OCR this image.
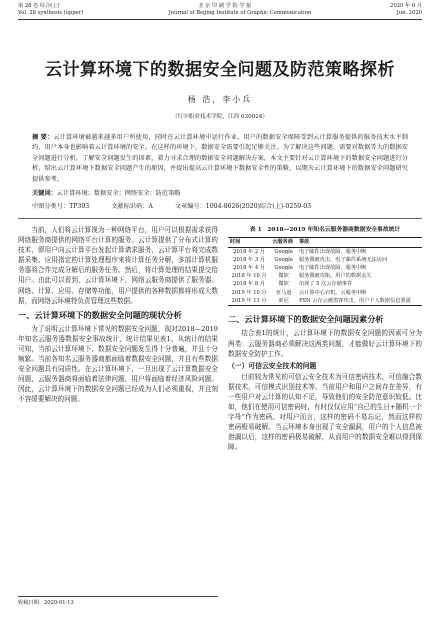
第 28 卷 综合(上)	北 京 印 刷 学 院 学 报	2020 年 6 月
Vol. 28 synthesis (upper)	Journal of Beijing Institute of Graphic Communication	Jun. 2020
云计算环境下的数据安全问题及防范策略探析
杨 浩，李小兵
（红中职业技术学院，江西 630024）
摘 要：云计算环境被越来越多用户所使用，同时在云计算环境中运行作业，用户的数据安全保障受到云计算服务提供的服务技术水平制约，用户本身也影响着云计算环境的安全。在这样的环境下，数据安全需要引起足够关注。为了解决这些问题，需要对数据等大的数据安全问题进行分析，了解安全问题发生的因素，着力寻求合理的数据安全问题解决方案，本文主要针对云计算环境下的数据安全问题进行分析，给出云计算环境下数据安全问题产生的原因，并提出提高云计算环境下数据安全性的策略，以期为云计算环境下的数据安全问题研究提供参考。
关键词：云计算环境；数据安全；网络安全；防范策略
中图分类号：TP393	文献标识码：A	文章编号：1004-8626(2020)综合(上)-0259-03

当前，人们将云计算视为一种网络平台，用户可以根据需求获得网络服务商提供的网络平台计算的服务。云计算提供了分布式计算的技术，即用户向云计算平台发起计算请求服务，云计算平台将完成数据采集、应用指定的计算处理程序来将计算任务分解，多部计算机服务器将合作完成分解后的服务任务。然后，将计算处理的结果提交给用户。由此可以看到，云计算环境下，网络云服务商提供了服务器、网络、计算、应用、存储等功能，用户提供的各种数据都将形成大数据，而网络云环境特负责管理这些数据。

一、云计算环境下的数据安全问题的现状分析

为了说明云计算环境下常见的数据安全问题，现对2018—2019年知名云服务器数据安全事故统计，统计结果见表1。从统计的结果可知，当前云计算环境下，数据安全问题发生得十分普遍，并且十分频繁。当前各知名云服务器商都面临着数据安全问题，并且有些数据安全问题具有同质性。在云计算环境下，一旦出现了云计算数据安全问题，云服务器商将面临着法律问题，用户将面临着经济风险问题。因此，云计算环境下的数据安全问题已经成为人们必须重视，并且刻不容缓要解决的问题。

表 1　2018—2019 年知名云服务器商数据安全事故统计
时间	云服务商	事故
2018 年 2 月	Google	电子邮件出现故障，服务中断
2018 年 3 月	Google	服务器被攻击，电子邮件系统无法访问
2018 年 4 月	Google	电子邮件出现故障，服务中断
2018 年 10 月	微软	服务器被攻陷，用户的数据丢失
2018 年 8 月	微软	出现了 5 次云存储事件
2019 年 10 月	亚马逊	云计算中心宕机，云服务中断
2019 年 11 月	索尼	PSN 云存云被黑客攻击，用户个人数据信息泄露
二、云计算环境下的数据安全问题因素分析

结合表1的统计，云计算环境下的数据安全问题的因素可分为两类：云服务器商必须解决这两类问题，才能做好云计算环境下的数据安全防护工作。

（一）可信云安全技术的问题

目前较为常见的可信云安全技术为可信密码技术，可信融合数据技术，可信模式识别技术等。当前用户和用户之间存在差异，有一些用户对云计算的认知不足，导致他们的安全防范意识较低。比如，他们在使用可信密码时，有时仅仅应用“自己的生日+随机一个字母”作为密码。对用户而言，这样的密码不易忘记，然而这样的密码极易破解。当云环境本身出现了安全漏洞，用户的个人信息被泄漏以后，这样的密码极易破解，从而用户的数据安全难以得到保障。

收稿日期：2020-01-13
